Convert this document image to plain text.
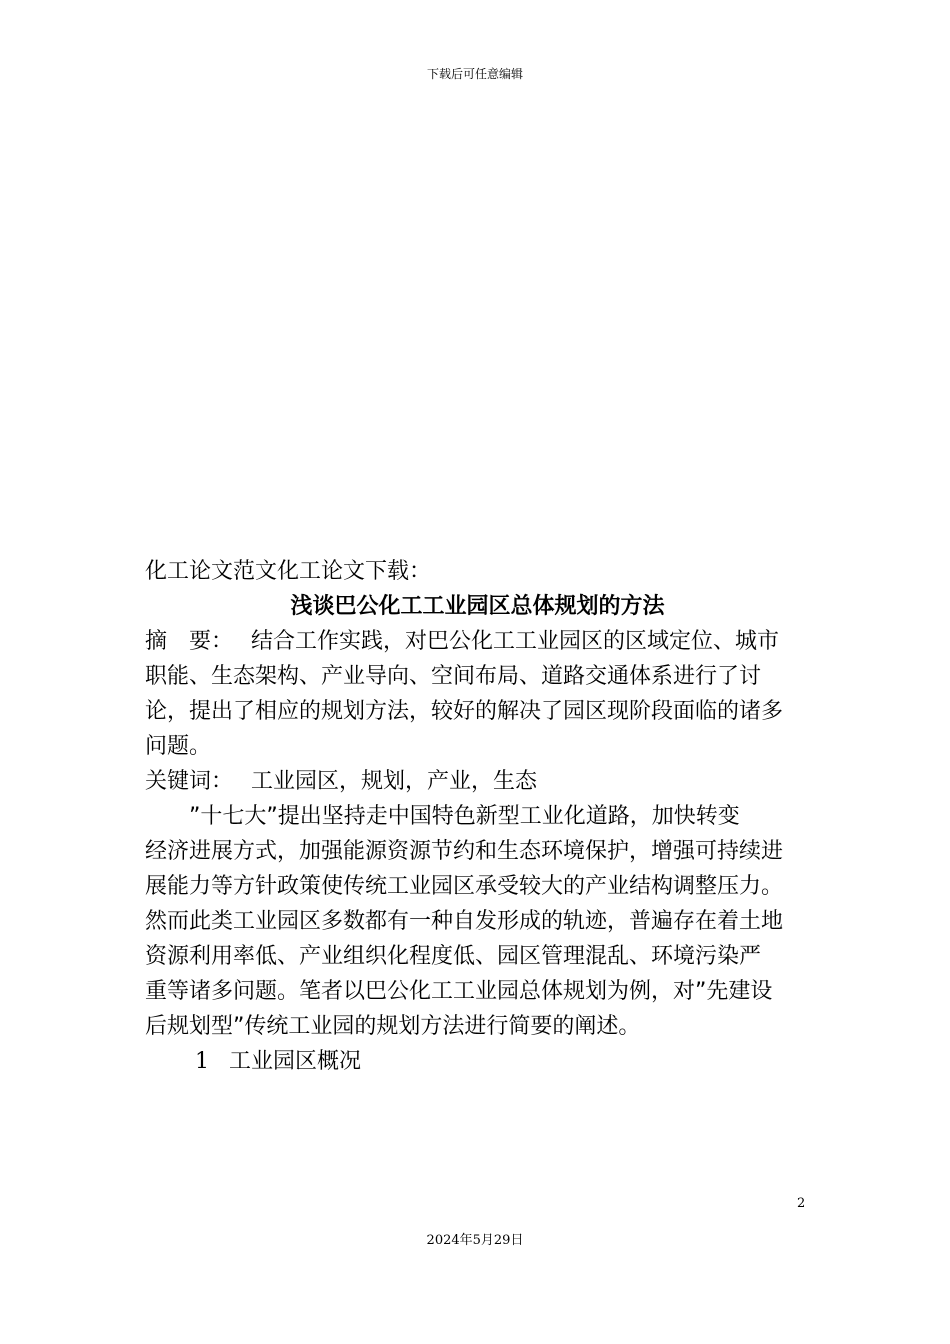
下载后可任意编辑
化工论文范文化工论文下载：
浅谈巴公化工工业园区总体规划的方法
摘　要： 结合工作实践，对巴公化工工业园区的区域定位、城市
职能、生态架构、产业导向、空间布局、道路交通体系进行了讨
论，提出了相应的规划方法，较好的解决了园区现阶段面临的诸多
问题。
关键词： 工业园区，规划，产业，生态
”十七大”提出坚持走中国特色新型工业化道路，加快转变
经济进展方式，加强能源资源节约和生态环境保护，增强可持续进
展能力等方针政策使传统工业园区承受较大的产业结构调整压力。
然而此类工业园区多数都有一种自发形成的轨迹，普遍存在着土地
资源利用率低、产业组织化程度低、园区管理混乱、环境污染严
重等诸多问题。笔者以巴公化工工业园总体规划为例，对”先建设
后规划型”传统工业园的规划方法进行简要的阐述。
1 工业园区概况
2
2024年5月29日
